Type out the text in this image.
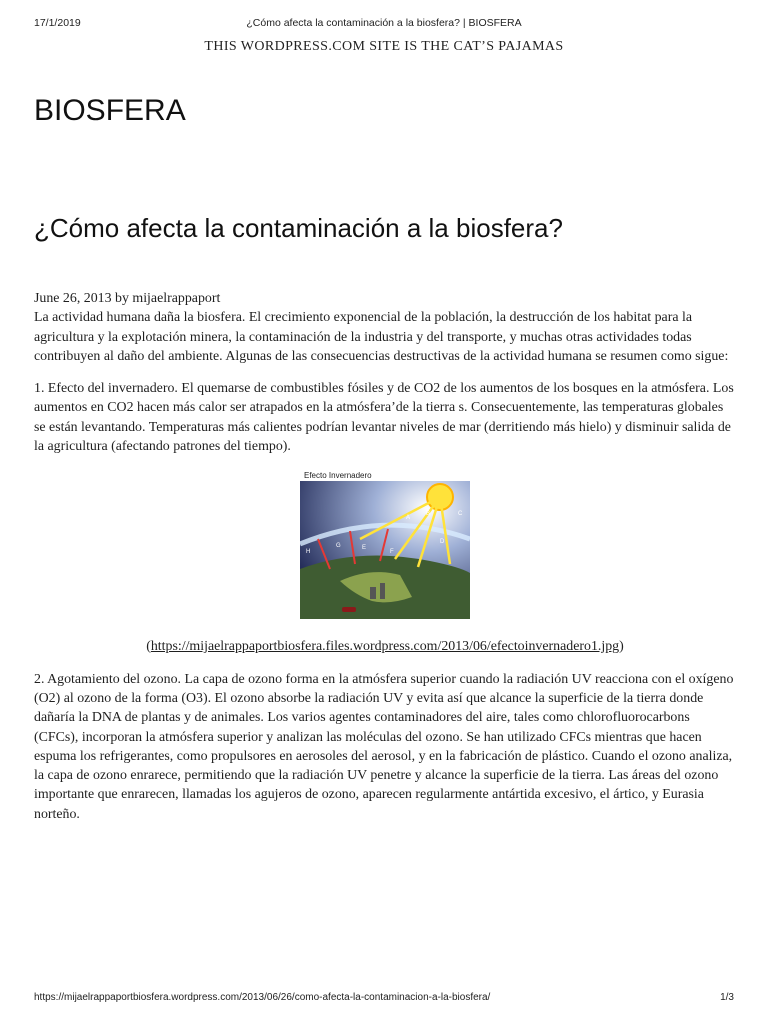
17/1/2019	¿Cómo afecta la contaminación a la biosfera? | BIOSFERA
THIS WORDPRESS.COM SITE IS THE CAT’S PAJAMAS
BIOSFERA
¿Cómo afecta la contaminación a la biosfera?

June 26, 2013 by mijaelrappaport
La actividad humana daña la biosfera. El crecimiento exponencial de la población, la destrucción de los habitat para la agricultura y la explotación minera, la contaminación de la industria y del transporte, y muchas otras actividades todas contribuyen al daño del ambiente. Algunas de las consecuencias destructivas de la actividad humana se resumen como sigue:

1. Efecto del invernadero. El quemarse de combustibles fósiles y de CO2 de los aumentos de los bosques en la atmósfera. Los aumentos en CO2 hacen más calor ser atrapados en la atmósfera’de la tierra s. Consecuentemente, las temperaturas globales se están levantando. Temperaturas más calientes podrían levantar niveles de mar (derritiendo más hielo) y disminuir salida de la agricultura (afectando patrones del tiempo).

Efecto Invernadero
A
B	C
D
E
F
G
H

(https://mijaelrappaportbiosfera.files.wordpress.com/2013/06/efectoinvernadero1.jpg)

2. Agotamiento del ozono. La capa de ozono forma en la atmósfera superior cuando la radiación UV reacciona con el oxígeno (O2) al ozono de la forma (O3). El ozono absorbe la radiación UV y evita así que alcance la superficie de la tierra donde dañaría la DNA de plantas y de animales. Los varios agentes contaminadores del aire, tales como chlorofluorocarbons (CFCs), incorporan la atmósfera superior y analizan las moléculas del ozono. Se han utilizado CFCs mientras que hacen espuma los refrigerantes, como propulsores en aerosoles del aerosol, y en la fabricación de plástico. Cuando el ozono analiza, la capa de ozono enrarece, permitiendo que la radiación UV penetre y alcance la superficie de la tierra. Las áreas del ozono importante que enrarecen, llamadas los agujeros de ozono, aparecen regularmente antártida excesivo, el ártico, y Eurasia norteño.

https://mijaelrappaportbiosfera.wordpress.com/2013/06/26/como-afecta-la-contaminacion-a-la-biosfera/	1/3
